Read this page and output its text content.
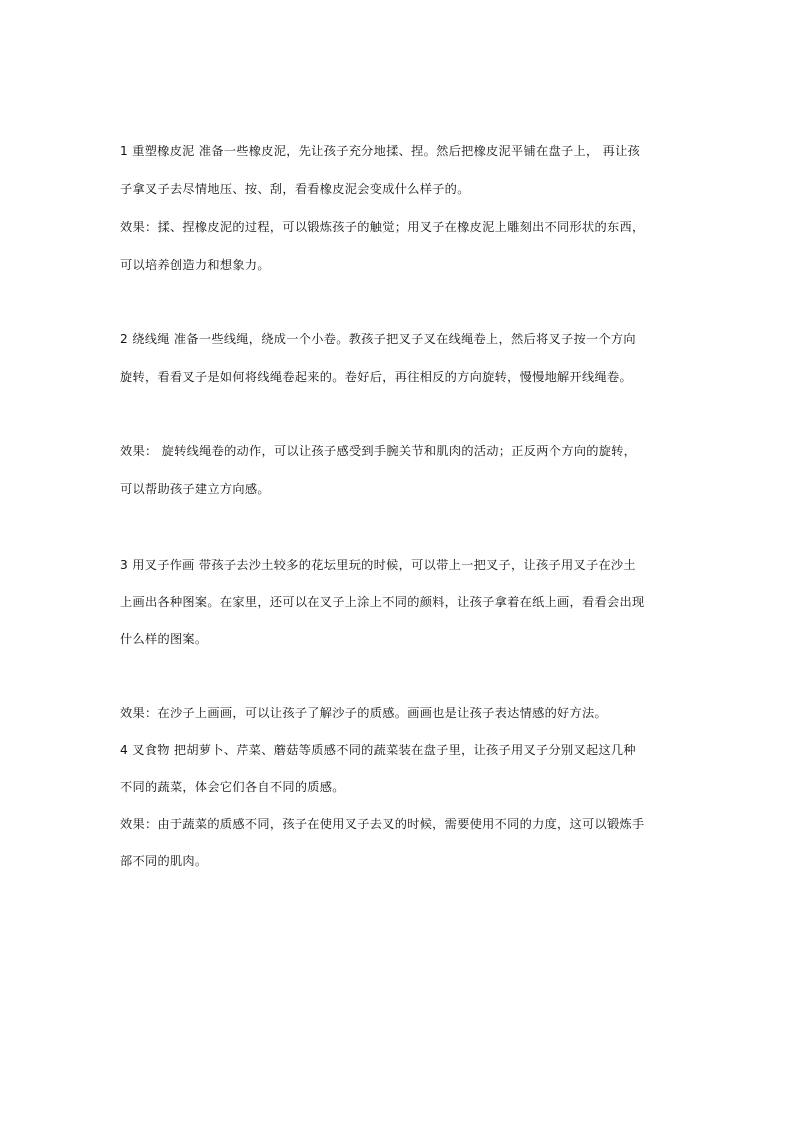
1 重塑橡皮泥 准备一些橡皮泥，先让孩子充分地揉、捏。然后把橡皮泥平铺在盘子上， 再让孩
子拿叉子去尽情地压、按、刮，看看橡皮泥会变成什么样子的。
效果：揉、捏橡皮泥的过程，可以锻炼孩子的触觉；用叉子在橡皮泥上雕刻出不同形状的东西，
可以培养创造力和想象力。
2 绕线绳 准备一些线绳，绕成一个小卷。教孩子把叉子叉在线绳卷上，然后将叉子按一个方向
旋转，看看叉子是如何将线绳卷起来的。卷好后，再往相反的方向旋转，慢慢地解开线绳卷。
效果： 旋转线绳卷的动作，可以让孩子感受到手腕关节和肌肉的活动；正反两个方向的旋转，
可以帮助孩子建立方向感。
3 用叉子作画 带孩子去沙土较多的花坛里玩的时候，可以带上一把叉子，让孩子用叉子在沙土
上画出各种图案。在家里，还可以在叉子上涂上不同的颜料，让孩子拿着在纸上画，看看会出现
什么样的图案。
效果：在沙子上画画，可以让孩子了解沙子的质感。画画也是让孩子表达情感的好方法。
4 叉食物 把胡萝卜、芹菜、蘑菇等质感不同的蔬菜装在盘子里，让孩子用叉子分别叉起这几种
不同的蔬菜，体会它们各自不同的质感。
效果：由于蔬菜的质感不同，孩子在使用叉子去叉的时候，需要使用不同的力度，这可以锻炼手
部不同的肌肉。
